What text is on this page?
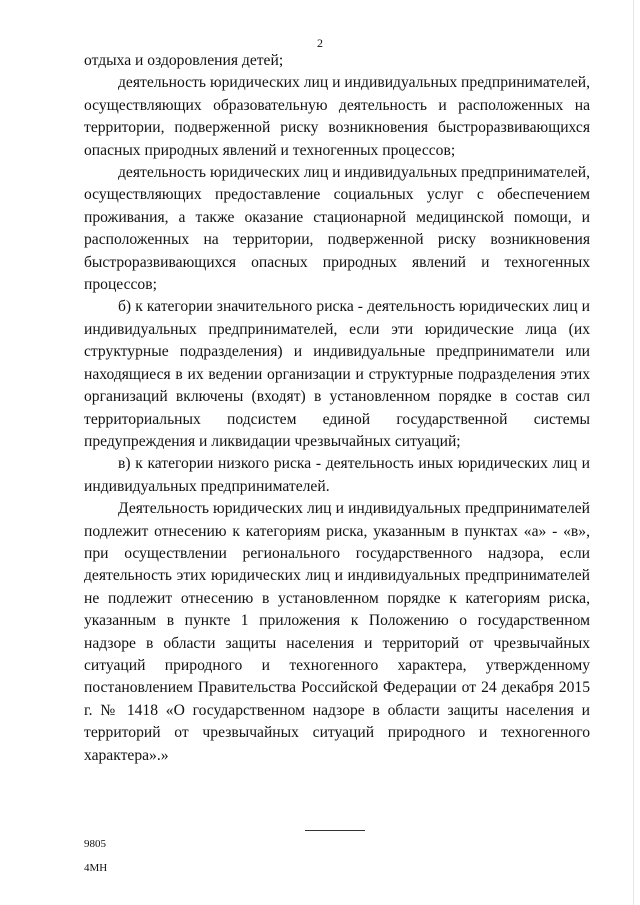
2

отдыха и оздоровления детей;

деятельность юридических лиц и индивидуальных предпринимателей, осуществляющих образовательную деятельность и расположенных на территории, подверженной риску возникновения быстроразвивающихся опасных природных явлений и техногенных процессов;

деятельность юридических лиц и индивидуальных предпринимателей, осуществляющих предоставление социальных услуг с обеспечением проживания, а также оказание стационарной медицинской помощи, и расположенных на территории, подверженной риску возникновения быстроразвивающихся опасных природных явлений и техногенных процессов;

б) к категории значительного риска - деятельность юридических лиц и индивидуальных предпринимателей, если эти юридические лица (их структурные подразделения) и индивидуальные предприниматели или находящиеся в их ведении организации и структурные подразделения этих организаций включены (входят) в установленном порядке в состав сил территориальных подсистем единой государственной системы предупреждения и ликвидации чрезвычайных ситуаций;

в) к категории низкого риска - деятельность иных юридических лиц и индивидуальных предпринимателей.

Деятельность юридических лиц и индивидуальных предпринимателей подлежит отнесению к категориям риска, указанным в пунктах «а» - «в», при осуществлении регионального государственного надзора, если деятельность этих юридических лиц и индивидуальных предпринимателей не подлежит отнесению в установленном порядке к категориям риска, указанным в пункте 1 приложения к Положению о государственном надзоре в области защиты населения и территорий от чрезвычайных ситуаций природного и техногенного характера, утвержденному постановлением Правительства Российской Федерации от 24 декабря 2015 г. № 1418 «О государственном надзоре в области защиты населения и территорий от чрезвычайных ситуаций природного и техногенного характера».»

9805
4МН
